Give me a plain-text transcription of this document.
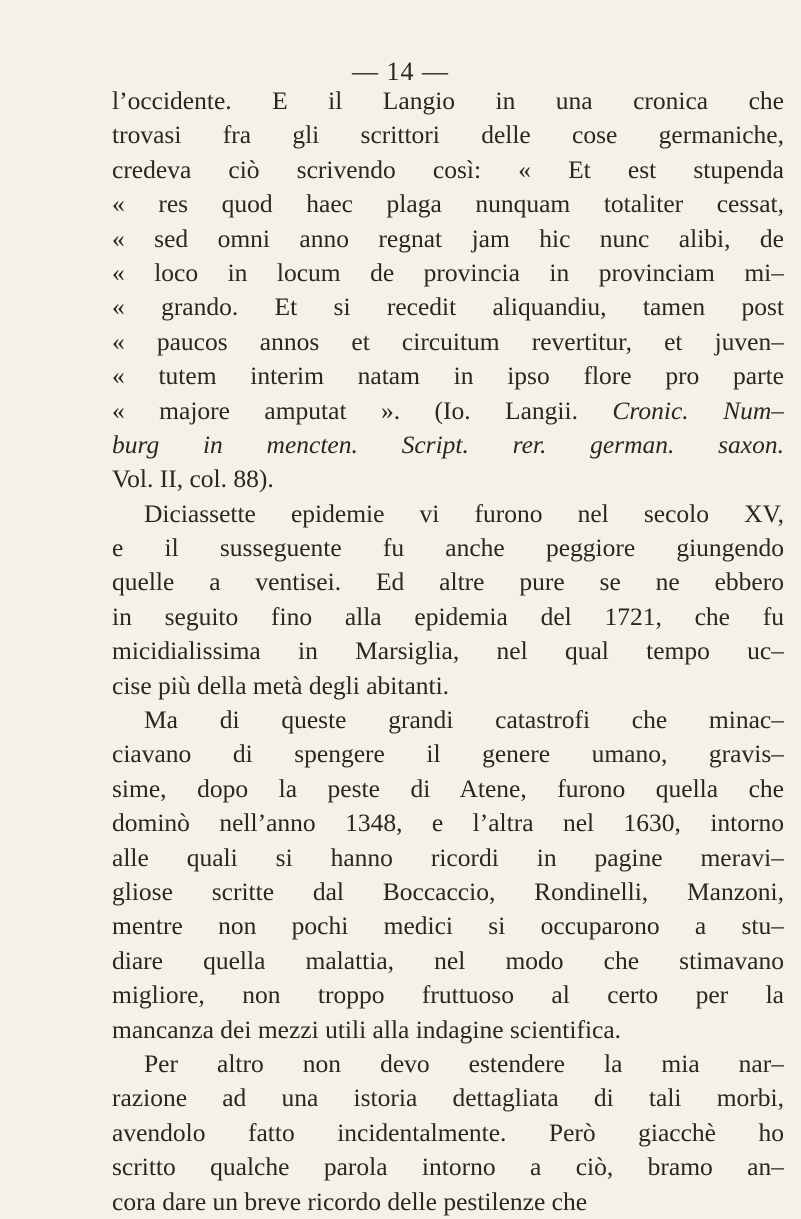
— 14 —
l’occidente. E il Langio in una cronica che
trovasi fra gli scrittori delle cose germaniche,
credeva ciò scrivendo così: « Et est stupenda
« res quod haec plaga nunquam totaliter cessat,
« sed omni anno regnat jam hic nunc alibi, de
« loco in locum de provincia in provinciam mi–
« grando. Et si recedit aliquandiu, tamen post
« paucos annos et circuitum revertitur, et juven–
« tutem interim natam in ipso flore pro parte
« majore amputat ». (Io. Langii. Cronic. Num–
burg in mencten. Script. rer. german. saxon.
Vol. II, col. 88).
Diciassette epidemie vi furono nel secolo XV,
e il susseguente fu anche peggiore giungendo
quelle a ventisei. Ed altre pure se ne ebbero
in seguito fino alla epidemia del 1721, che fu
micidialissima in Marsiglia, nel qual tempo uc–
cise più della metà degli abitanti.
Ma di queste grandi catastrofi che minac–
ciavano di spengere il genere umano, gravis–
sime, dopo la peste di Atene, furono quella che
dominò nell’anno 1348, e l’altra nel 1630, intorno
alle quali si hanno ricordi in pagine meravi–
gliose scritte dal Boccaccio, Rondinelli, Manzoni,
mentre non pochi medici si occuparono a stu–
diare quella malattia, nel modo che stimavano
migliore, non troppo fruttuoso al certo per la
mancanza dei mezzi utili alla indagine scientifica.
Per altro non devo estendere la mia nar–
razione ad una istoria dettagliata di tali morbi,
avendolo fatto incidentalmente. Però giacchè ho
scritto qualche parola intorno a ciò, bramo an–
cora dare un breve ricordo delle pestilenze che
